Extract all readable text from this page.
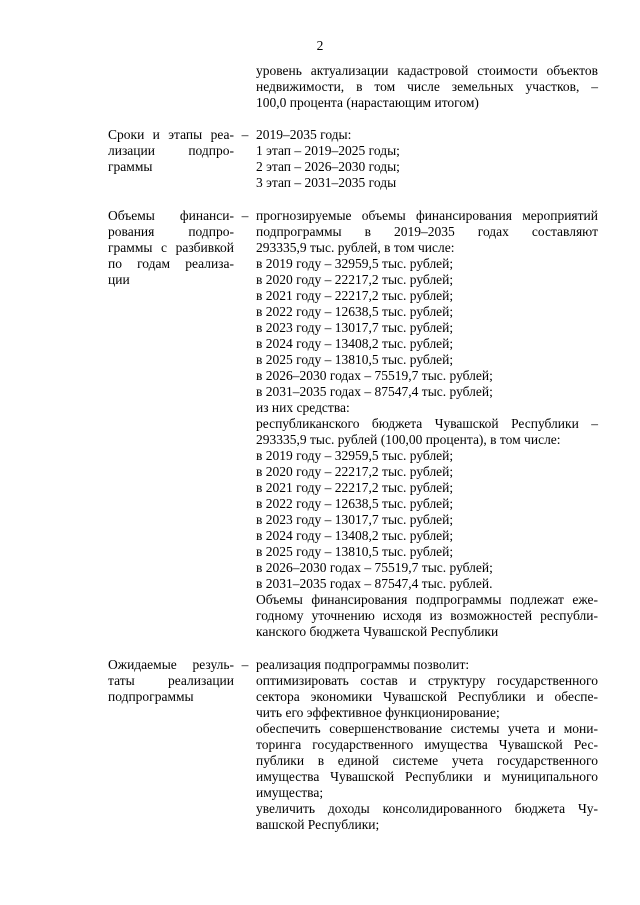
2
уровень актуализации кадастровой стоимости объектов
недвижимости, в том числе земельных участков, –
100,0 процента (нарастающим итогом)
Сроки и этапы реа-
лизации подпро-
граммы
– 2019–2035 годы:
1 этап – 2019–2025 годы;
2 этап – 2026–2030 годы;
3 этап – 2031–2035 годы
Объемы финанси-
рования подпро-
граммы с разбивкой
по годам реализа-
ции
– прогнозируемые объемы финансирования мероприятий
подпрограммы в 2019–2035 годах составляют
293335,9 тыс. рублей, в том числе:
в 2019 году – 32959,5 тыс. рублей;
в 2020 году – 22217,2 тыс. рублей;
в 2021 году – 22217,2 тыс. рублей;
в 2022 году – 12638,5 тыс. рублей;
в 2023 году – 13017,7 тыс. рублей;
в 2024 году – 13408,2 тыс. рублей;
в 2025 году – 13810,5 тыс. рублей;
в 2026–2030 годах – 75519,7 тыс. рублей;
в 2031–2035 годах – 87547,4 тыс. рублей;
из них средства:
республиканского бюджета Чувашской Республики –
293335,9 тыс. рублей (100,00 процента), в том числе:
в 2019 году – 32959,5 тыс. рублей;
в 2020 году – 22217,2 тыс. рублей;
в 2021 году – 22217,2 тыс. рублей;
в 2022 году – 12638,5 тыс. рублей;
в 2023 году – 13017,7 тыс. рублей;
в 2024 году – 13408,2 тыс. рублей;
в 2025 году – 13810,5 тыс. рублей;
в 2026–2030 годах – 75519,7 тыс. рублей;
в 2031–2035 годах – 87547,4 тыс. рублей.
Объемы финансирования подпрограммы подлежат еже-
годному уточнению исходя из возможностей республи-
канского бюджета Чувашской Республики
Ожидаемые резуль-
таты реализации
подпрограммы
– реализация подпрограммы позволит:
оптимизировать состав и структуру государственного
сектора экономики Чувашской Республики и обеспе-
чить его эффективное функционирование;
обеспечить совершенствование системы учета и мони-
торинга государственного имущества Чувашской Рес-
публики в единой системе учета государственного
имущества Чувашской Республики и муниципального
имущества;
увеличить доходы консолидированного бюджета Чу-
вашской Республики;
